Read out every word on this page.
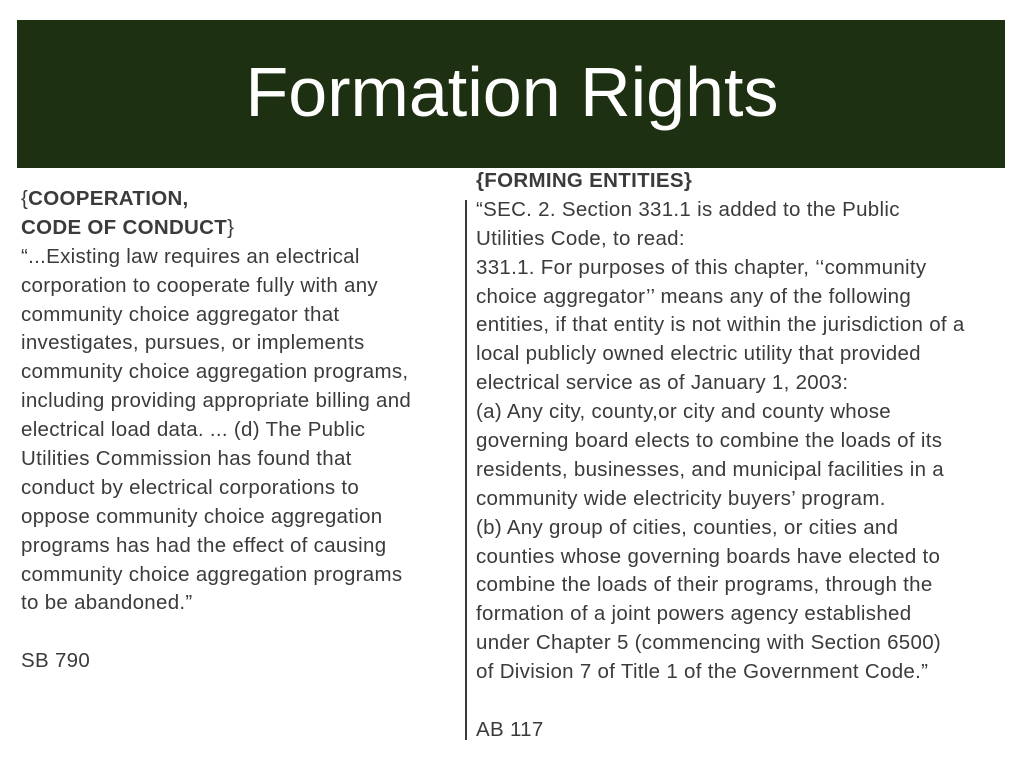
Formation Rights
{COOPERATION,
CODE OF CONDUCT}
“...Existing law requires an electrical
corporation to cooperate fully with any
community choice aggregator that
investigates, pursues, or implements
community choice aggregation programs,
including providing appropriate billing and
electrical load data. ... (d) The Public
Utilities Commission has found that
conduct by electrical corporations to
oppose community choice aggregation
programs has had the effect of causing
community choice aggregation programs
to be abandoned.”
SB 790
{FORMING ENTITIES}
“SEC. 2. Section 331.1 is added to the Public
Utilities Code, to read:
331.1. For purposes of this chapter, ‘‘community
choice aggregator’’ means any of the following
entities, if that entity is not within the jurisdiction of a
local publicly owned electric utility that provided
electrical service as of January 1, 2003:
(a) Any city, county,or city and county whose
governing board elects to combine the loads of its
residents, businesses, and municipal facilities in a
community wide electricity buyers’ program.
(b) Any group of cities, counties, or cities and
counties whose governing boards have elected to
combine the loads of their programs, through the
formation of a joint powers agency established
under Chapter 5 (commencing with Section 6500)
of Division 7 of Title 1 of the Government Code.”
AB 117
